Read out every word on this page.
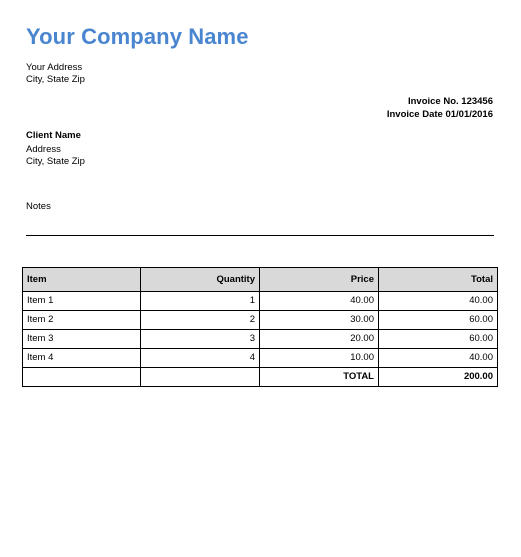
Your Company Name
Your Address
City, State Zip
Invoice No. 123456
Invoice Date 01/01/2016
Client Name
Address
City, State Zip
Notes
Item	Quantity	Price	Total
Item 1	1	40.00	40.00
Item 2	2	30.00	60.00
Item 3	3	20.00	60.00
Item 4	4	10.00	40.00
		TOTAL	200.00
